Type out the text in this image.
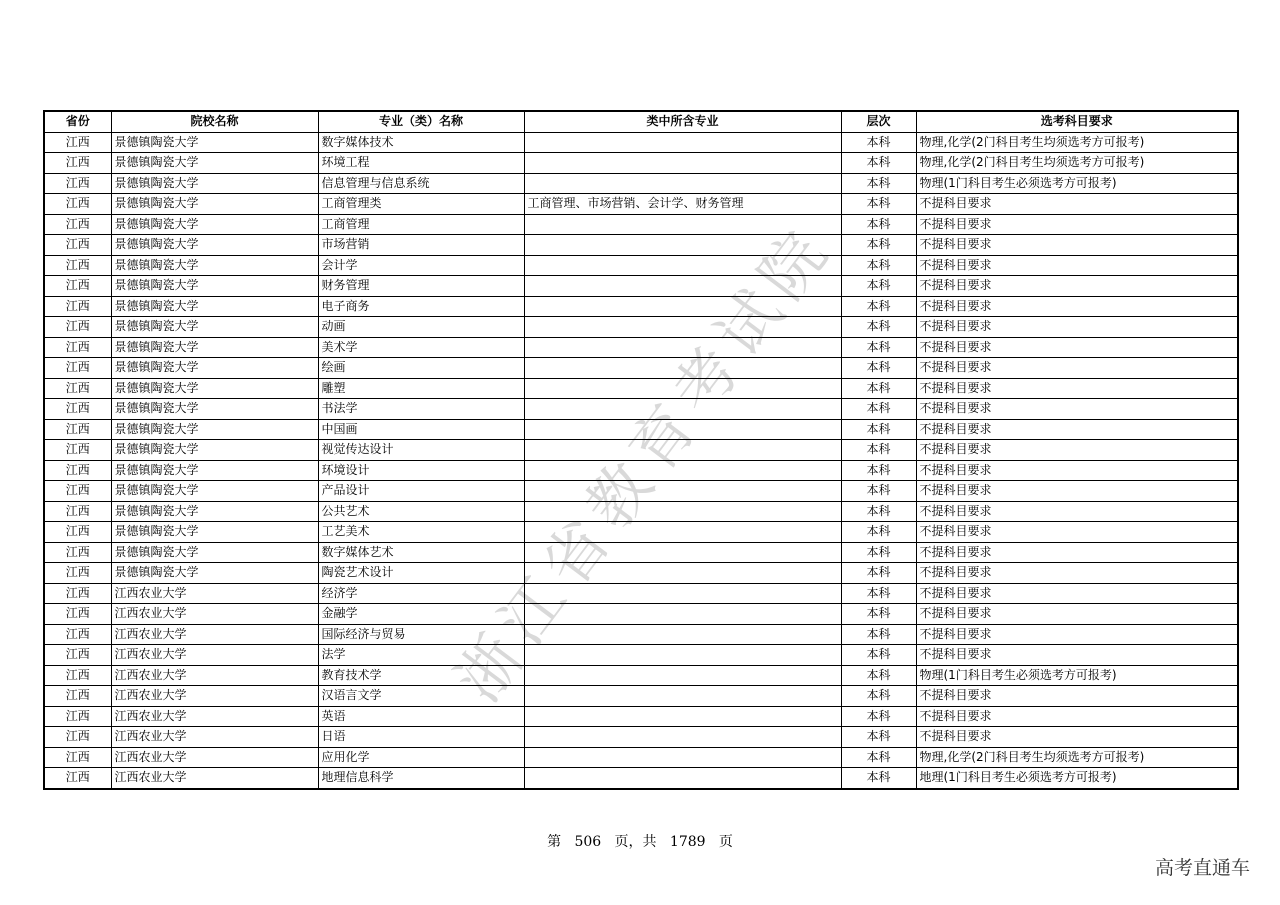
浙江省教育考试院
省份	院校名称	专业（类）名称	类中所含专业	层次	选考科目要求
江西	景德镇陶瓷大学	数字媒体技术		本科	物理,化学(2门科目考生均须选考方可报考)
江西	景德镇陶瓷大学	环境工程		本科	物理,化学(2门科目考生均须选考方可报考)
江西	景德镇陶瓷大学	信息管理与信息系统		本科	物理(1门科目考生必须选考方可报考)
江西	景德镇陶瓷大学	工商管理类	工商管理、市场营销、会计学、财务管理	本科	不提科目要求
江西	景德镇陶瓷大学	工商管理		本科	不提科目要求
江西	景德镇陶瓷大学	市场营销		本科	不提科目要求
江西	景德镇陶瓷大学	会计学		本科	不提科目要求
江西	景德镇陶瓷大学	财务管理		本科	不提科目要求
江西	景德镇陶瓷大学	电子商务		本科	不提科目要求
江西	景德镇陶瓷大学	动画		本科	不提科目要求
江西	景德镇陶瓷大学	美术学		本科	不提科目要求
江西	景德镇陶瓷大学	绘画		本科	不提科目要求
江西	景德镇陶瓷大学	雕塑		本科	不提科目要求
江西	景德镇陶瓷大学	书法学		本科	不提科目要求
江西	景德镇陶瓷大学	中国画		本科	不提科目要求
江西	景德镇陶瓷大学	视觉传达设计		本科	不提科目要求
江西	景德镇陶瓷大学	环境设计		本科	不提科目要求
江西	景德镇陶瓷大学	产品设计		本科	不提科目要求
江西	景德镇陶瓷大学	公共艺术		本科	不提科目要求
江西	景德镇陶瓷大学	工艺美术		本科	不提科目要求
江西	景德镇陶瓷大学	数字媒体艺术		本科	不提科目要求
江西	景德镇陶瓷大学	陶瓷艺术设计		本科	不提科目要求
江西	江西农业大学	经济学		本科	不提科目要求
江西	江西农业大学	金融学		本科	不提科目要求
江西	江西农业大学	国际经济与贸易		本科	不提科目要求
江西	江西农业大学	法学		本科	不提科目要求
江西	江西农业大学	教育技术学		本科	物理(1门科目考生必须选考方可报考)
江西	江西农业大学	汉语言文学		本科	不提科目要求
江西	江西农业大学	英语		本科	不提科目要求
江西	江西农业大学	日语		本科	不提科目要求
江西	江西农业大学	应用化学		本科	物理,化学(2门科目考生均须选考方可报考)
江西	江西农业大学	地理信息科学		本科	地理(1门科目考生必须选考方可报考)
第 506 页，共 1789 页
高考直通车
